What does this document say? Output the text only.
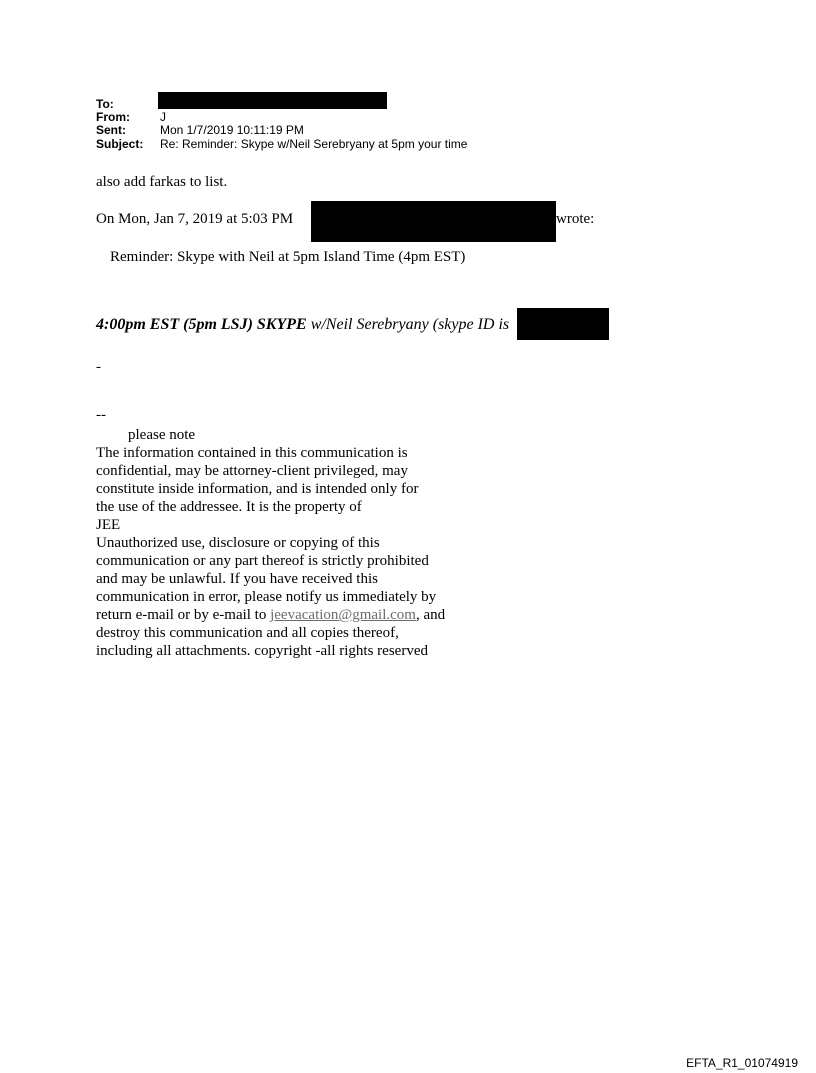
To:
From:	J
Sent:	Mon 1/7/2019 10:11:19 PM
Subject: Re: Reminder: Skype w/Neil Serebryany at 5pm your time
also add farkas to list.
On Mon, Jan 7, 2019 at 5:03 PM	wrote:
Reminder: Skype with Neil at 5pm Island Time (4pm EST)
4:00pm EST (5pm LSJ) SKYPE w/Neil Serebryany (skype ID is
-
--
please note
The information contained in this communication is
confidential, may be attorney-client privileged, may
constitute inside information, and is intended only for
the use of the addressee. It is the property of
JEE
Unauthorized use, disclosure or copying of this
communication or any part thereof is strictly prohibited
and may be unlawful. If you have received this
communication in error, please notify us immediately by
return e-mail or by e-mail to jeevacation@gmail.com, and
destroy this communication and all copies thereof,
including all attachments. copyright -all rights reserved
EFTA_R1_01074919
